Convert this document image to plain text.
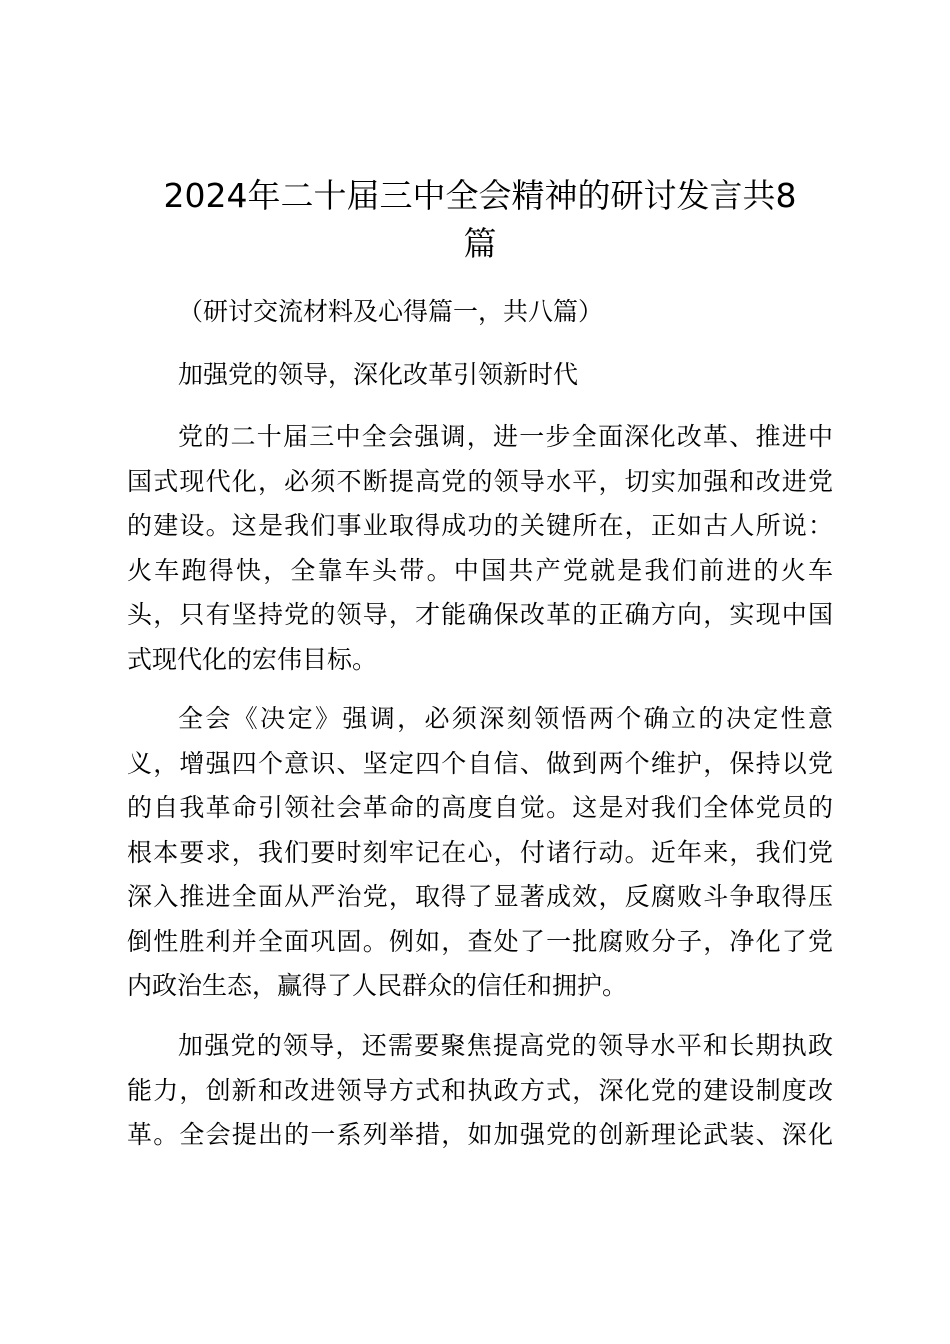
2024年二十届三中全会精神的研讨发言共8
篇

（研讨交流材料及心得篇一，共八篇）

加强党的领导，深化改革引领新时代

党的二十届三中全会强调，进一步全面深化改革、推进中
国式现代化，必须不断提高党的领导水平，切实加强和改进党
的建设。这是我们事业取得成功的关键所在，正如古人所说：
火车跑得快，全靠车头带。中国共产党就是我们前进的火车
头，只有坚持党的领导，才能确保改革的正确方向，实现中国
式现代化的宏伟目标。
全会《决定》强调，必须深刻领悟两个确立的决定性意
义，增强四个意识、坚定四个自信、做到两个维护，保持以党
的自我革命引领社会革命的高度自觉。这是对我们全体党员的
根本要求，我们要时刻牢记在心，付诸行动。近年来，我们党
深入推进全面从严治党，取得了显著成效，反腐败斗争取得压
倒性胜利并全面巩固。例如，查处了一批腐败分子，净化了党
内政治生态，赢得了人民群众的信任和拥护。
加强党的领导，还需要聚焦提高党的领导水平和长期执政
能力，创新和改进领导方式和执政方式，深化党的建设制度改
革。全会提出的一系列举措，如加强党的创新理论武装、深化
